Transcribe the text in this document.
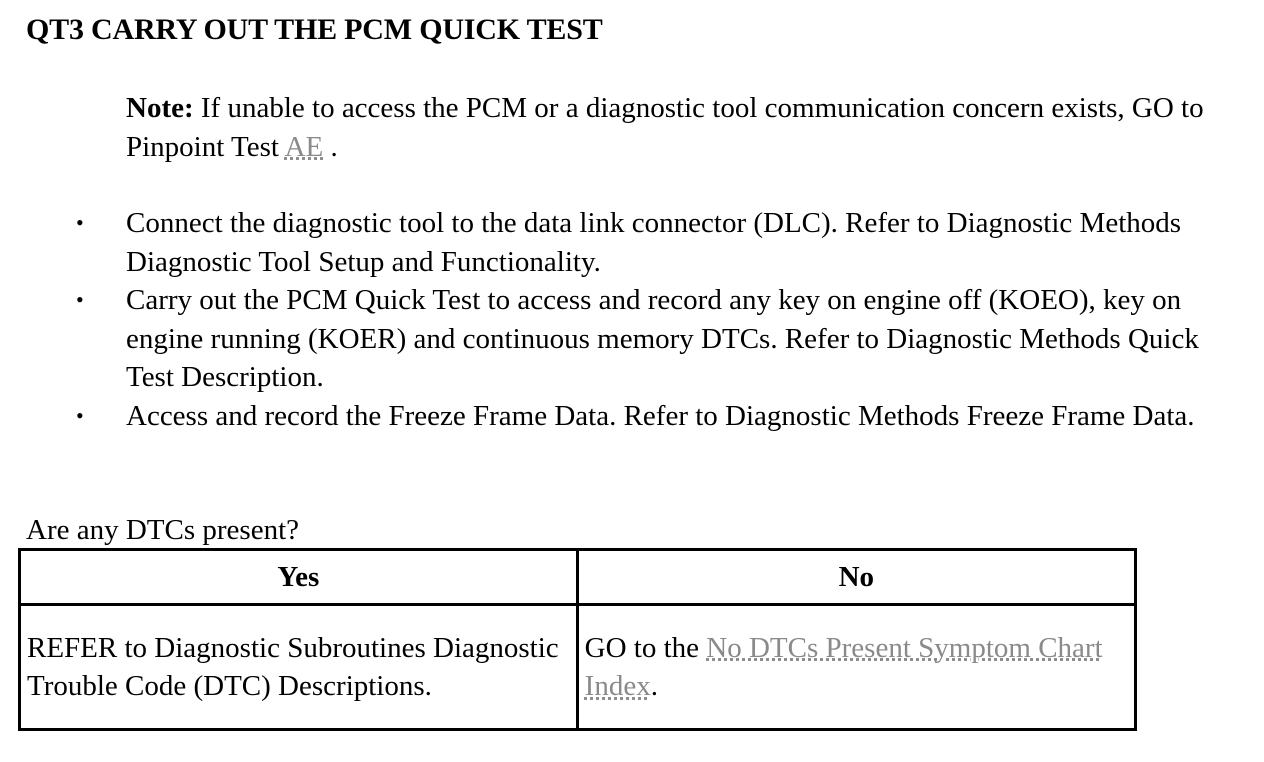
QT3 CARRY OUT THE PCM QUICK TEST
Note: If unable to access the PCM or a diagnostic tool communication concern exists, GO to Pinpoint Test AE .
• Connect the diagnostic tool to the data link connector (DLC). Refer to Diagnostic Methods Diagnostic Tool Setup and Functionality.
• Carry out the PCM Quick Test to access and record any key on engine off (KOEO), key on engine running (KOER) and continuous memory DTCs. Refer to Diagnostic Methods Quick Test Description.
• Access and record the Freeze Frame Data. Refer to Diagnostic Methods Freeze Frame Data.
Are any DTCs present?
Yes	No
REFER to Diagnostic Subroutines Diagnostic Trouble Code (DTC) Descriptions.	GO to the No DTCs Present Symptom Chart Index.
